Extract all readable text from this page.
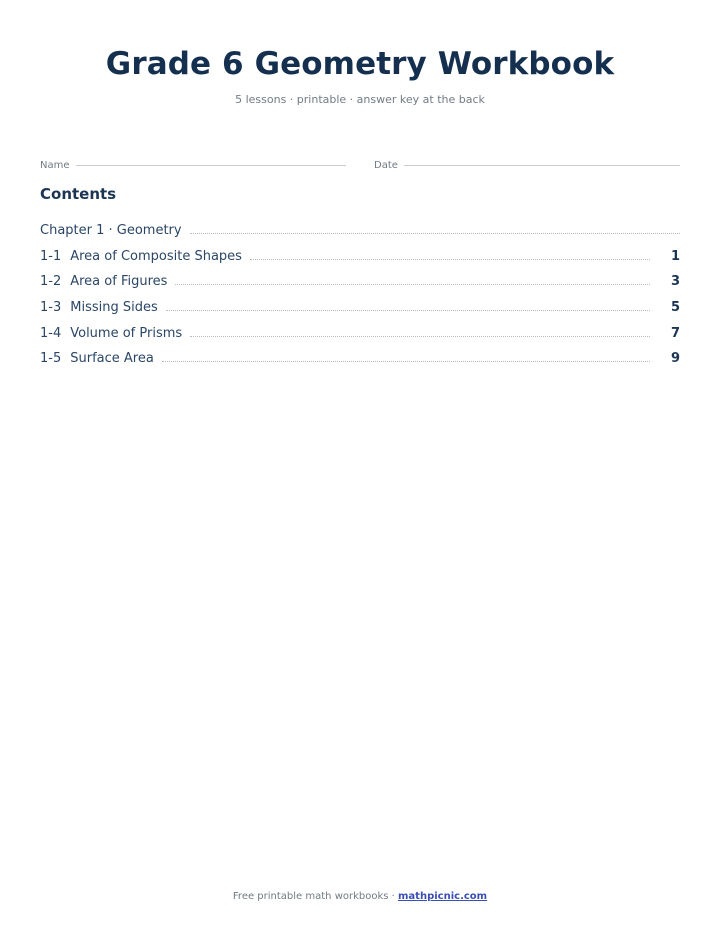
Grade 6 Geometry Workbook
5 lessons · printable · answer key at the back
Name	Date
Contents
Chapter 1 · Geometry
1-1 Area of Composite Shapes	1
1-2 Area of Figures	3
1-3 Missing Sides	5
1-4 Volume of Prisms	7
1-5 Surface Area	9
Free printable math workbooks · mathpicnic.com
